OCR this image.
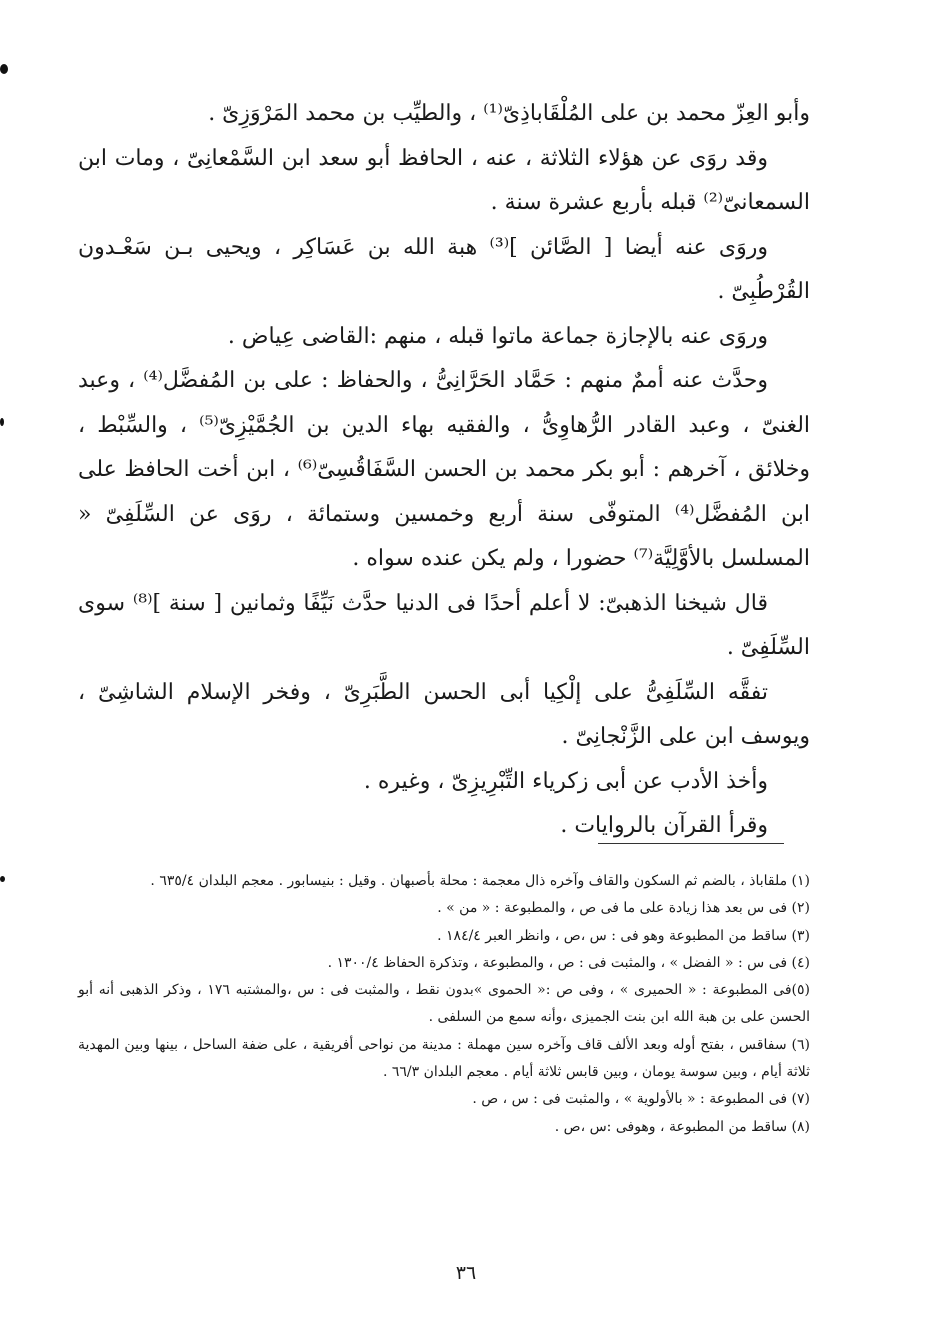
وأبو العِزّ محمد بن على المُلْقَاباذِىّ⁽¹⁾ ، والطيِّب بن محمد المَرْوَزِىّ .

وقد روَى عن هؤلاء الثلاثة ، عنه ، الحافظ أبو سعد ابن السَّمْعانِىّ ، ومات ابن السمعانىّ⁽²⁾ قبله بأربع عشرة سنة .

وروَى عنه أيضا [ الصَّائن ]⁽³⁾ هبة الله بن عَسَاكِر ، ويحيى بـن سَعْـدون القُرْطُبِىّ .

وروَى عنه بالإجازة جماعة ماتوا قبله ، منهم :القاضى عِياض .

وحدَّث عنه أممٌ منهم : حَمَّاد الحَرَّانِىُّ ، والحفاظ : على بن المُفضَّل⁽⁴⁾ ، وعبد الغنىّ ، وعبد القادر الرُّهاوِىُّ ، والفقيه بهاء الدين بن الجُمَّيْزِىّ⁽⁵⁾ ، والسِّبْط ، وخلائق ، آخرهم : أبو بكر محمد بن الحسن السَّفَاقُسِىّ⁽⁶⁾ ، ابن أخت الحافظ على ابن المُفضَّل⁽⁴⁾ المتوفّى سنة أربع وخمسين وستمائة ، روَى عن السِّلَفِىّ « المسلسل بالأوَّلِيَّة⁽⁷⁾ حضورا ، ولم يكن عنده سواه .

قال شيخنا الذهبىّ: لا أعلم أحدًا فى الدنيا حدَّث نَيِّفًا وثمانين [ سنة ]⁽⁸⁾ سوى السِّلَفِىّ .

تفقَّه السِّلَفِىُّ على إلْكِيا أبى الحسن الطَّبَرِىّ ، وفخر الإسلام الشاشِىّ ، ويوسف ابن على الزَّنْجانِىّ .

وأخذ الأدب عن أبى زكرياء التِّبْرِيزِىّ ، وغيره .

وقرأ القرآن بالروايات .

(١) ملقاباذ ، بالضم ثم السكون والقاف وآخره ذال معجمة : محلة بأصبهان . وقيل : بنيسابور . معجم البلدان ٦٣٥/٤ .

(٢) فى س بعد هذا زيادة على ما فى ص ، والمطبوعة : « من » .

(٣) ساقط من المطبوعة وهو فى : س ،ص ، وانظر العبر ١٨٤/٤ .

(٤) فى س : « الفضل » ، والمثبت فى : ص ، والمطبوعة ، وتذكرة الحفاظ ١٣٠٠/٤ .

(٥)فى المطبوعة : « الحميرى » ، وفى ص :« الحموى »بدون نقط ، والمثبت فى : س ،والمشتبه ١٧٦ ، وذكر الذهبى أنه أبو الحسن على بن هبة الله ابن بنت الجميزى ،وأنه سمع من السلفى .

(٦) سفاقس ، بفتح أوله وبعد الألف قاف وآخره سين مهملة : مدينة من نواحى أفريقية ، على ضفة الساحل ، بينها وبين المهدية ثلاثة أيام ، وبين سوسة يومان ، وبين قابس ثلاثة أيام . معجم البلدان ٦٦/٣ .

(٧) فى المطبوعة : « بالأولوية » ، والمثبت فى : س ، ص .

(٨) ساقط من المطبوعة ، وهوفى :س ،ص .

٣٦
